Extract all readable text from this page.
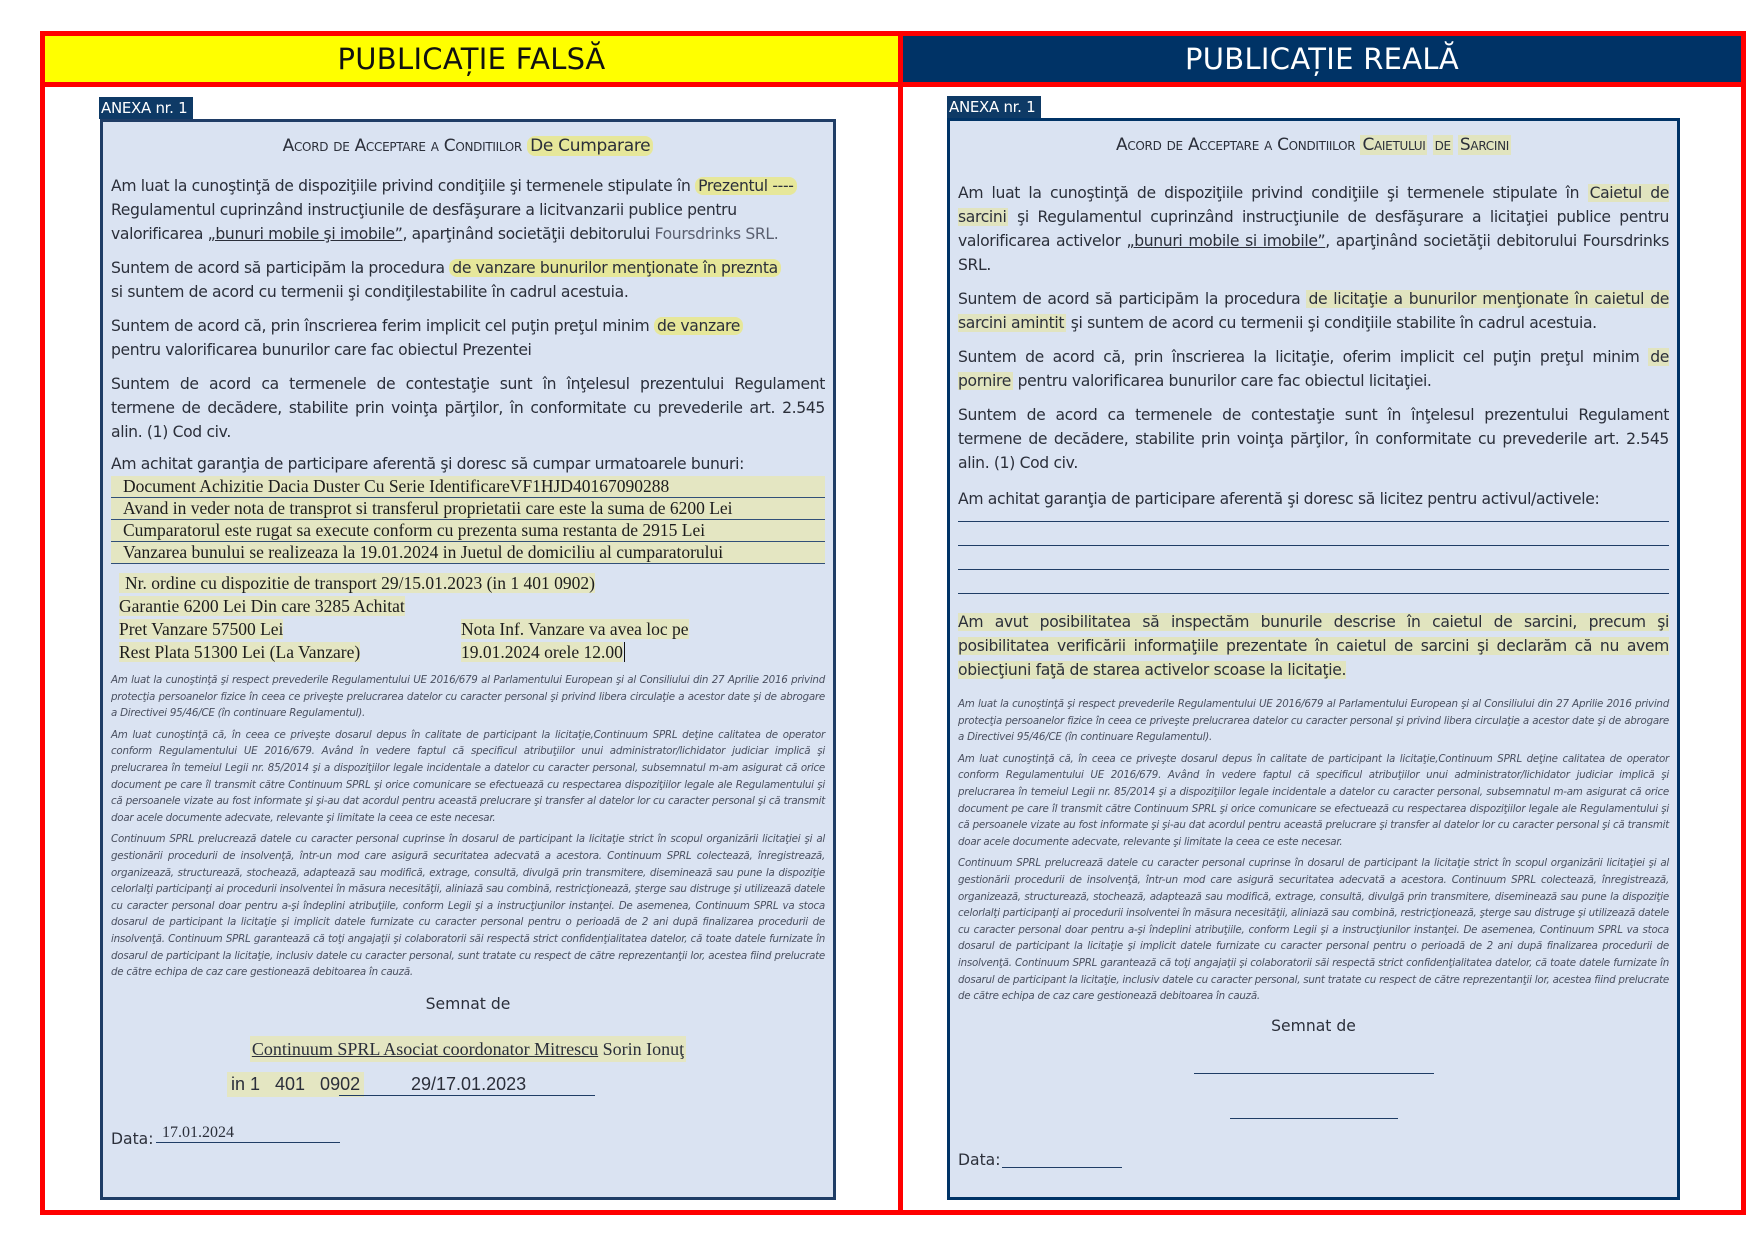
PUBLICAȚIE FALSĂ	PUBLICAȚIE REALĂ
ANEXA nr. 1
Acord de Acceptare a Conditiilor De Cumparare
Am luat la cunoştinţă de dispoziţiile privind condiţiile şi termenele stipulate în Prezentul ---- Regulamentul cuprinzând instrucţiunile de desfăşurare a licitvanzarii publice pentru valorificarea „bunuri mobile şi imobile”, aparţinând societăţii debitorului Foursdrinks SRL.
Suntem de acord să participăm la procedura de vanzare bunurilor menţionate în preznta
si suntem de acord cu termenii şi condiţilestabilite în cadrul acestuia.
Suntem de acord că, prin înscrierea ferim implicit cel puţin preţul minim de vanzare
pentru valorificarea bunurilor care fac obiectul Prezentei
Suntem de acord ca termenele de contestaţie sunt în înţelesul prezentului Regulament termene de decădere, stabilite prin voinţa părţilor, în conformitate cu prevederile art. 2.545 alin. (1) Cod civ.
Am achitat garanţia de participare aferentă şi doresc să cumpar urmatoarele bunuri:
Document Achizitie Dacia Duster Cu Serie IdentificareVF1HJD40167090288
Avand in veder nota de transprot si transferul proprietatii care este la suma de 6200 Lei
Cumparatorul este rugat sa execute conform cu prezenta suma restanta de 2915 Lei
Vanzarea bunului se realizeaza la 19.01.2024 in Juetul de domiciliu al cumparatorului
Nr. ordine cu dispozitie de transport 29/15.01.2023 (in 1 401 0902)
Garantie 6200 Lei Din care 3285 Achitat
Pret Vanzare 57500 Lei	Nota Inf. Vanzare va avea loc pe
Rest Plata 51300 Lei (La Vanzare)	19.01.2024 orele 12.00
Am luat la cunoştinţă şi respect prevederile Regulamentului UE 2016/679 al Parlamentului European şi al Consiliului din 27 Aprilie 2016 privind protecţia persoanelor fizice în ceea ce priveşte prelucrarea datelor cu caracter personal şi privind libera circulaţie a acestor date şi de abrogare a Directivei 95/46/CE (în continuare Regulamentul).
Am luat cunoştinţă că, în ceea ce priveşte dosarul depus în calitate de participant la licitaţie,Continuum SPRL deţine calitatea de operator conform Regulamentului UE 2016/679. Având în vedere faptul că specificul atribuţiilor unui administrator/lichidator judiciar implică şi prelucrarea în temeiul Legii nr. 85/2014 şi a dispoziţiilor legale incidentale a datelor cu caracter personal, subsemnatul m-am asigurat că orice document pe care îl transmit către Continuum SPRL şi orice comunicare se efectuează cu respectarea dispoziţiilor legale ale Regulamentului şi că persoanele vizate au fost informate şi şi-au dat acordul pentru această prelucrare şi transfer al datelor lor cu caracter personal şi că transmit doar acele documente adecvate, relevante şi limitate la ceea ce este necesar.
Continuum SPRL prelucrează datele cu caracter personal cuprinse în dosarul de participant la licitaţie strict în scopul organizării licitaţiei şi al gestionării procedurii de insolvenţă, într-un mod care asigură securitatea adecvată a acestora. Continuum SPRL colectează, înregistrează, organizează, structurează, stochează, adaptează sau modifică, extrage, consultă, divulgă prin transmitere, diseminează sau pune la dispoziţie celorlalţi participanţi ai procedurii insolventei în măsura necesităţii, aliniază sau combină, restricţionează, şterge sau distruge şi utilizează datele cu caracter personal doar pentru a-şi îndeplini atribuţiile, conform Legii şi a instrucţiunilor instanţei. De asemenea, Continuum SPRL va stoca dosarul de participant la licitaţie şi implicit datele furnizate cu caracter personal pentru o perioadă de 2 ani după finalizarea procedurii de insolvenţă. Continuum SPRL garantează că toţi angajaţii şi colaboratorii săi respectă strict confidenţialitatea datelor, că toate datele furnizate în dosarul de participant la licitaţie, inclusiv datele cu caracter personal, sunt tratate cu respect de către reprezentanţii lor, acestea fiind prelucrate de către echipa de caz care gestionează debitoarea în cauză.
Semnat de
Continuum SPRL Asociat coordonator Mitrescu Sorin Ionuţ
in 1   401   0902	29/17.01.2023
Data: 17.01.2024
ANEXA nr. 1
Acord de Acceptare a Conditiilor Caietului de Sarcini
Am luat la cunoştinţă de dispoziţiile privind condiţiile şi termenele stipulate în Caietul de sarcini şi Regulamentul cuprinzând instrucţiunile de desfăşurare a licitaţiei publice pentru valorificarea activelor „bunuri mobile si imobile”, aparţinând societăţii debitorului Foursdrinks SRL.
Suntem de acord să participăm la procedura de licitaţie a bunurilor menţionate în caietul de sarcini amintit şi suntem de acord cu termenii şi condiţiile stabilite în cadrul acestuia.
Suntem de acord că, prin înscrierea la licitaţie, oferim implicit cel puţin preţul minim de pornire pentru valorificarea bunurilor care fac obiectul licitaţiei.
Suntem de acord ca termenele de contestaţie sunt în înţelesul prezentului Regulament termene de decădere, stabilite prin voinţa părţilor, în conformitate cu prevederile art. 2.545 alin. (1) Cod civ.
Am achitat garanţia de participare aferentă şi doresc să licitez pentru activul/activele:
Am avut posibilitatea să inspectăm bunurile descrise în caietul de sarcini, precum şi posibilitatea verificării informaţiile prezentate în caietul de sarcini şi declarăm că nu avem obiecţiuni faţă de starea activelor scoase la licitaţie.
Am luat la cunoştinţă şi respect prevederile Regulamentului UE 2016/679 al Parlamentului European şi al Consiliului din 27 Aprilie 2016 privind protecţia persoanelor fizice în ceea ce priveşte prelucrarea datelor cu caracter personal şi privind libera circulaţie a acestor date şi de abrogare a Directivei 95/46/CE (în continuare Regulamentul).
Am luat cunoştinţă că, în ceea ce priveşte dosarul depus în calitate de participant la licitaţie,Continuum SPRL deţine calitatea de operator conform Regulamentului UE 2016/679. Având în vedere faptul că specificul atribuţiilor unui administrator/lichidator judiciar implică şi prelucrarea în temeiul Legii nr. 85/2014 şi a dispoziţiilor legale incidentale a datelor cu caracter personal, subsemnatul m-am asigurat că orice document pe care îl transmit către Continuum SPRL şi orice comunicare se efectuează cu respectarea dispoziţiilor legale ale Regulamentului şi că persoanele vizate au fost informate şi şi-au dat acordul pentru această prelucrare şi transfer al datelor lor cu caracter personal şi că transmit doar acele documente adecvate, relevante şi limitate la ceea ce este necesar.
Continuum SPRL prelucrează datele cu caracter personal cuprinse în dosarul de participant la licitaţie strict în scopul organizării licitaţiei şi al gestionării procedurii de insolvenţă, într-un mod care asigură securitatea adecvată a acestora. Continuum SPRL colectează, înregistrează, organizează, structurează, stochează, adaptează sau modifică, extrage, consultă, divulgă prin transmitere, diseminează sau pune la dispoziţie celorlalţi participanţi ai procedurii insolventei în măsura necesităţii, aliniază sau combină, restricţionează, şterge sau distruge şi utilizează datele cu caracter personal doar pentru a-şi îndeplini atribuţiile, conform Legii şi a instrucţiunilor instanţei. De asemenea, Continuum SPRL va stoca dosarul de participant la licitaţie şi implicit datele furnizate cu caracter personal pentru o perioadă de 2 ani după finalizarea procedurii de insolvenţă. Continuum SPRL garantează că toţi angajaţii şi colaboratorii săi respectă strict confidenţialitatea datelor, că toate datele furnizate în dosarul de participant la licitaţie, inclusiv datele cu caracter personal, sunt tratate cu respect de către reprezentanţii lor, acestea fiind prelucrate de către echipa de caz care gestionează debitoarea în cauză.
Semnat de
Data:
